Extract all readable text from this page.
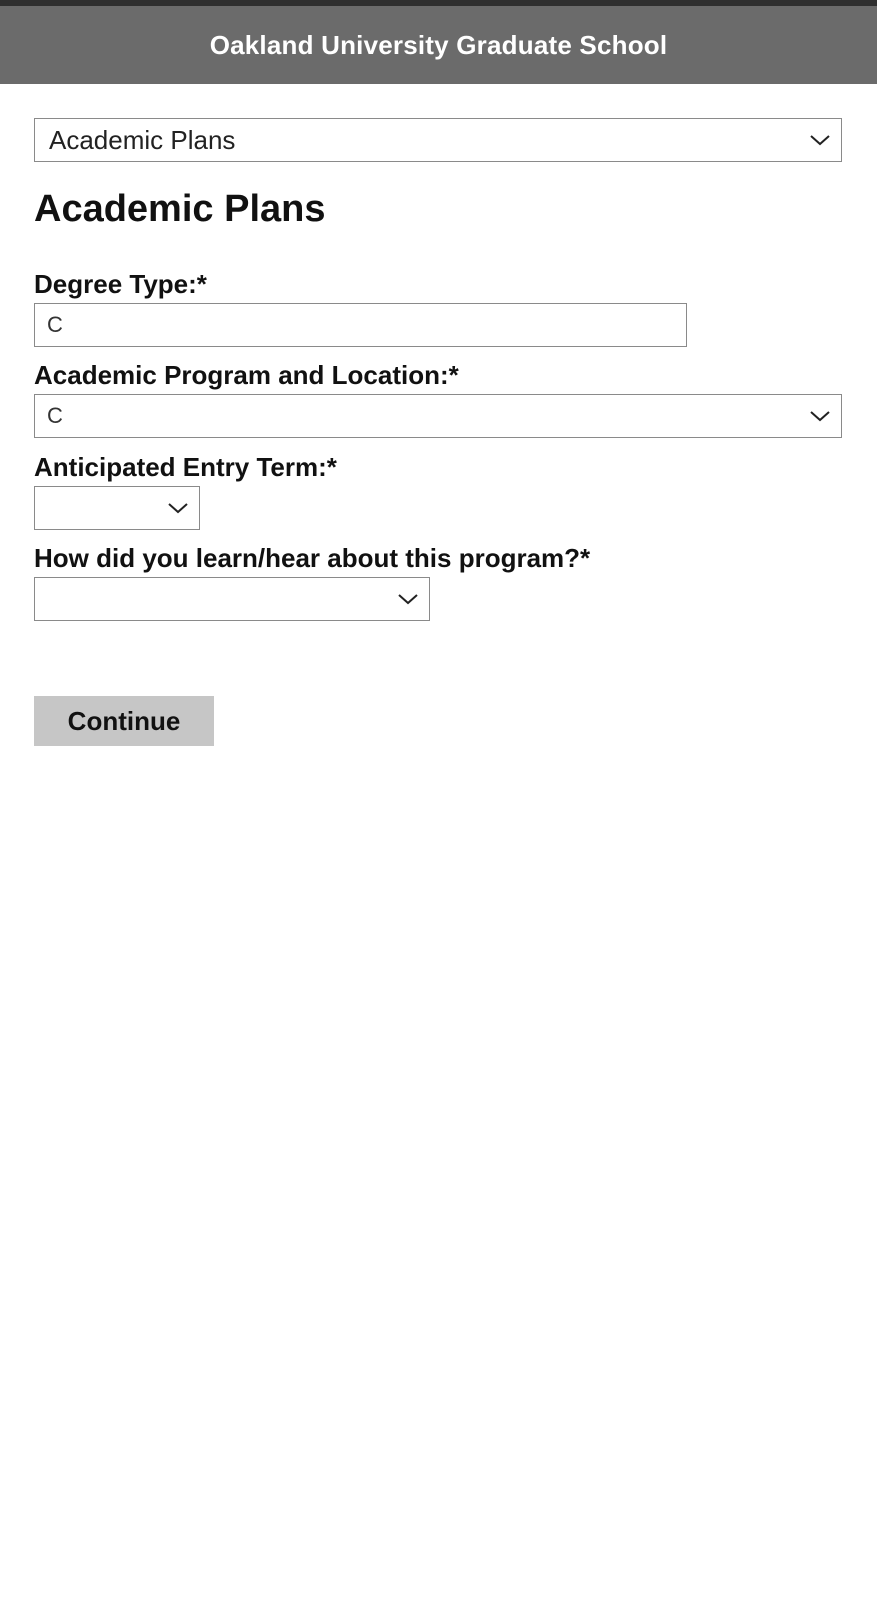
Oakland University Graduate School
Academic Plans
Academic Plans
Degree Type:*
C
Academic Program and Location:*
C
Anticipated Entry Term:*
How did you learn/hear about this program?*
Continue
